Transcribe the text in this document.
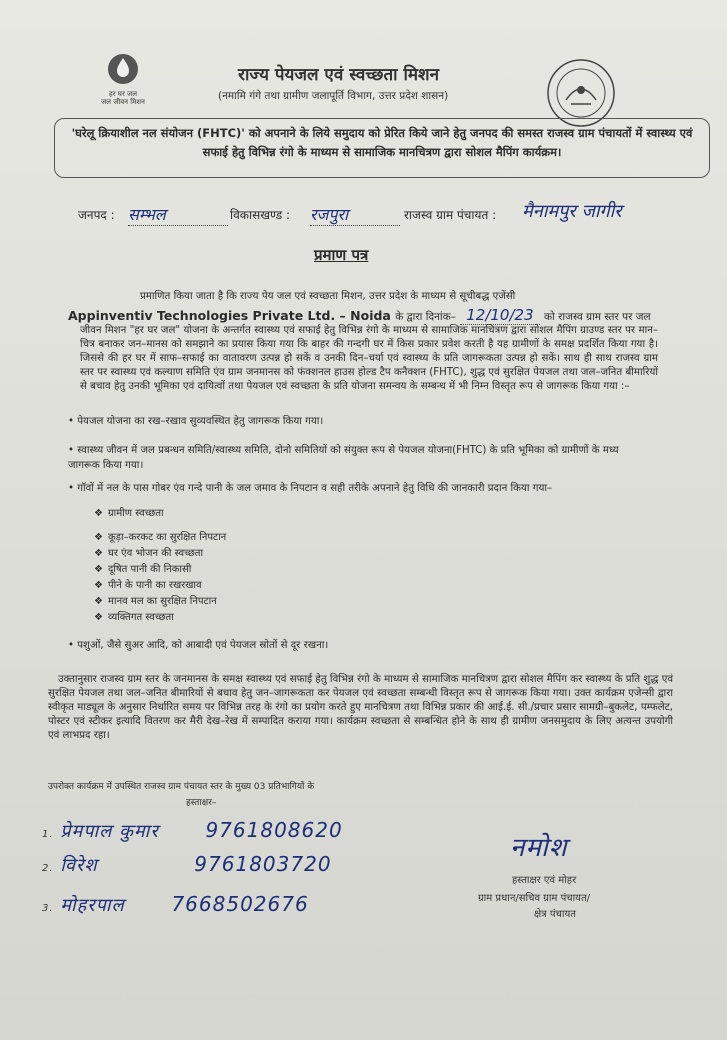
हर घर जल
जल जीवन मिशन
राज्य पेयजल एवं स्वच्छता मिशन
(नमामि गंगे तथा ग्रामीण जलापूर्ति विभाग, उत्तर प्रदेश शासन)
'घरेलू क्रियाशील नल संयोजन (FHTC)' को अपनाने के लिये समुदाय को प्रेरित किये जाने हेतु जनपद की समस्त राजस्व ग्राम पंचायतों में स्वास्थ्य एवं सफाई हेतु विभिन्न रंगो के माध्यम से सामाजिक मानचित्रण द्वारा सोशल मैपिंग कार्यक्रम।
जनपद : सम्भल	विकासखण्ड : रजपुरा	राजस्व ग्राम पंचायत : मैनामपुर जागीर
प्रमाण पत्र
प्रमाणित किया जाता है कि राज्य पेय जल एवं स्वच्छता मिशन, उत्तर प्रदेश के माध्यम से सूचीबद्ध एजेंसी
Appinventiv Technologies Private Ltd. – Noida के द्वारा दिनांक– 12/10/23 को राजस्व ग्राम स्तर पर जल
जीवन मिशन "हर घर जल" योजना के अन्तर्गत स्वास्थ्य एवं सफाई हेतु विभिन्न रंगो के माध्यम से सामाजिक मानचित्रण द्वारा सोशल मैपिंग ग्राउण्ड स्तर पर मान–चित्र बनाकर जन–मानस को समझाने का प्रयास किया गया कि बाहर की गन्दगी घर में किस प्रकार प्रवेश करती है यह ग्रामीणों के समक्ष प्रदर्शित किया गया है। जिससे की हर घर में साफ–सफाई का वातावरण उत्पन्न हो सकें व उनकी दिन–चर्या एवं स्वास्थ्य के प्रति जागरूकता उत्पन्न हो सकें। साथ ही साथ राजस्व ग्राम स्तर पर स्वास्थ्य एवं कल्याण समिति एंव ग्राम जनमानस को फंक्शनल हाउस होल्ड टैप कनैक्शन (FHTC), शुद्ध एवं सुरक्षित पेयजल तथा जल–जनित बीमारियों से बचाव हेतु उनकी भूमिका एवं दायित्वों तथा पेयजल एवं स्वच्छता के प्रति योजना समन्वय के सम्बन्ध में भी निम्न विस्तृत रूप से जागरूक किया गया :–
• पेयजल योजना का रख–रखाव सुव्यवस्थित हेतु जागरूक किया गया।
• स्वास्थ्य जीवन में जल प्रबन्धन समिति/स्वास्थ्य समिति, दोनो समितियों को संयुक्त रूप से पेयजल योजना(FHTC) के प्रति भूमिका को ग्रामीणों के मध्य जागरूक किया गया।
• गॉवों में नल के पास गोबर एंव गन्दे पानी के जल जमाव के निपटान व सही तरीके अपनाने हेतु विधि की जानकारी प्रदान किया गया–
❖ ग्रामीण स्वच्छता
❖ कूड़ा–करकट का सुरक्षित निपटान
❖ घर एंव भोजन की स्वच्छता
❖ दूषित पानी की निकासी
❖ पीने के पानी का रखरखाव
❖ मानव मल का सुरक्षित निपटान
❖ व्यक्तिगत स्वच्छता
• पशुओं, जैसे सुअर आदि, को आबादी एवं पेयजल स्रोतों से दूर रखना।
उक्तानुसार राजस्व ग्राम स्तर के जनमानस के समक्ष स्वास्थ्य एवं सफाई हेतु विभिन्न रंगो के माध्यम से सामाजिक मानचित्रण द्वारा सोशल मैपिंग कर स्वास्थ्य के प्रति शुद्ध एवं सुरक्षित पेयजल तथा जल–जनित बीमारियों से बचाव हेतु जन–जागरूकता कर पेयजल एवं स्वच्छता सम्बन्धी विस्तृत रूप से जागरूक किया गया। उक्त कार्यक्रम एजेन्सी द्वारा स्वीकृत माड्यूल के अनुसार निर्धारित समय पर विभिन्न तरह के रंगो का प्रयोग करते हुए मानचित्रण तथा विभिन्न प्रकार की आई.ई. सी./प्रचार प्रसार सामग्री–बुकलेट, पम्फलेट, पोस्टर एवं स्टीकर इत्यादि वितरण कर मैरी देख–रेख में सम्पादित कराया गया। कार्यक्रम स्वच्छता से सम्बन्धित होने के साथ ही ग्रामीण जनसमुदाय के लिए अत्यन्त उपयोगी एवं लाभप्रद रहा।
उपरोक्त कार्यक्रम में उपस्थित राजस्व ग्राम पंचायत स्तर के मुख्य 03 प्रतिभागियों के
हस्ताक्षर–
1. प्रेमपाल कुमार 9761808620
2. विरेश	9761803720
3. मोहरपाल 7668502676
नमोश
हस्ताक्षर एवं मोहर
ग्राम प्रधान/सचिव ग्राम पंचायत/
क्षेत्र पंचायत
